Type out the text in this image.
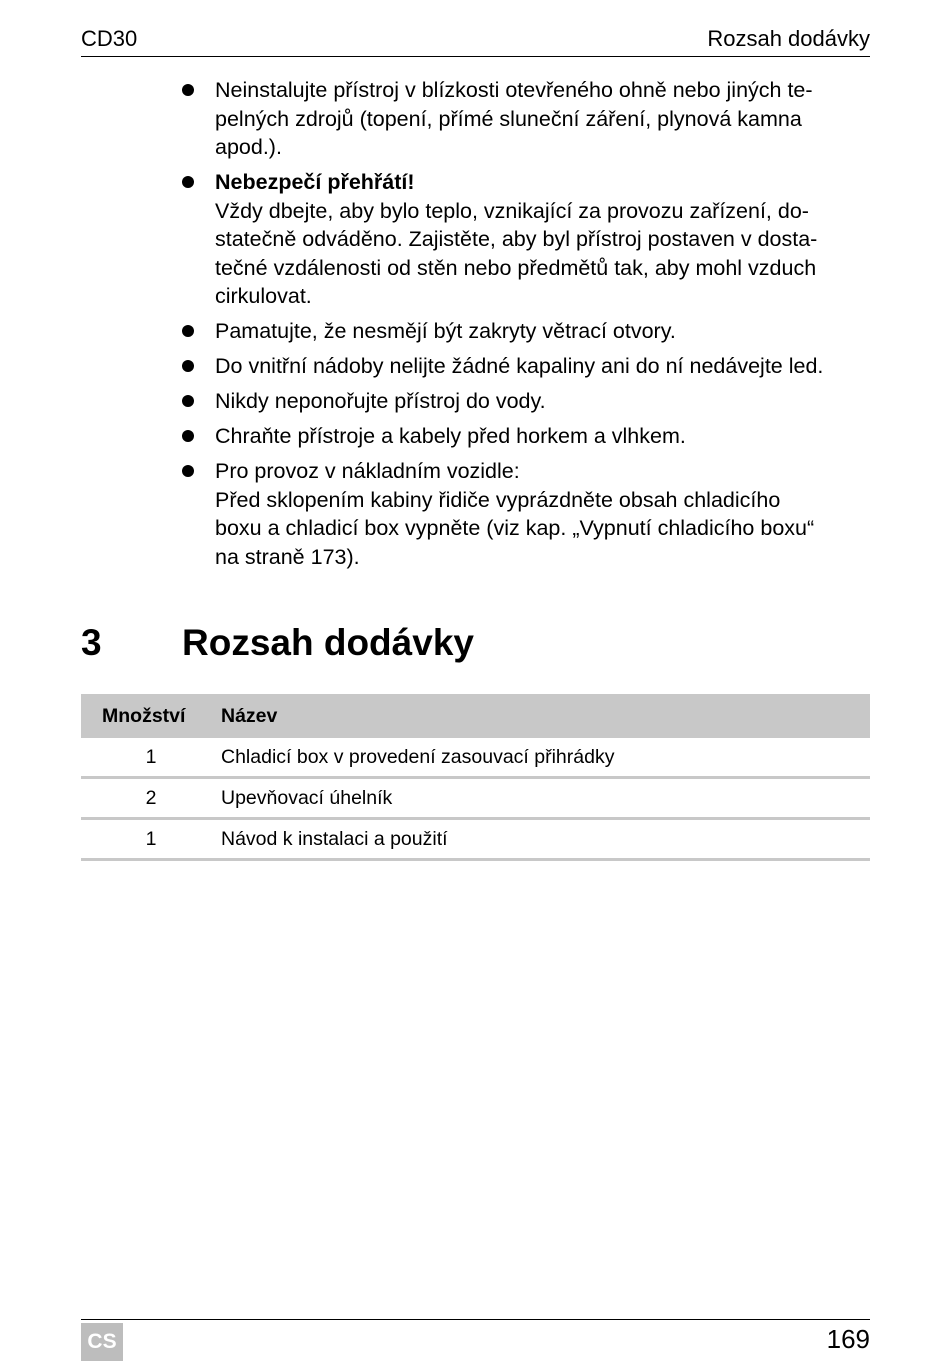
CD30	Rozsah dodávky
Neinstalujte přístroj v blízkosti otevřeného ohně nebo jiných te-
pelných zdrojů (topení, přímé sluneční záření, plynová kamna
apod.).
Nebezpečí přehřátí!
Vždy dbejte, aby bylo teplo, vznikající za provozu zařízení, do-
statečně odváděno. Zajistěte, aby byl přístroj postaven v dosta-
tečné vzdálenosti od stěn nebo předmětů tak, aby mohl vzduch
cirkulovat.
Pamatujte, že nesmějí být zakryty větrací otvory.
Do vnitřní nádoby nelijte žádné kapaliny ani do ní nedávejte led.
Nikdy neponořujte přístroj do vody.
Chraňte přístroje a kabely před horkem a vlhkem.
Pro provoz v nákladním vozidle:
Před sklopením kabiny řidiče vyprázdněte obsah chladicího
boxu a chladicí box vypněte (viz kap. „Vypnutí chladicího boxu“
na straně 173).
3 Rozsah dodávky
Množství	Název
1	Chladicí box v provedení zasouvací přihrádky
2	Upevňovací úhelník
1	Návod k instalaci a použití
CS	169
